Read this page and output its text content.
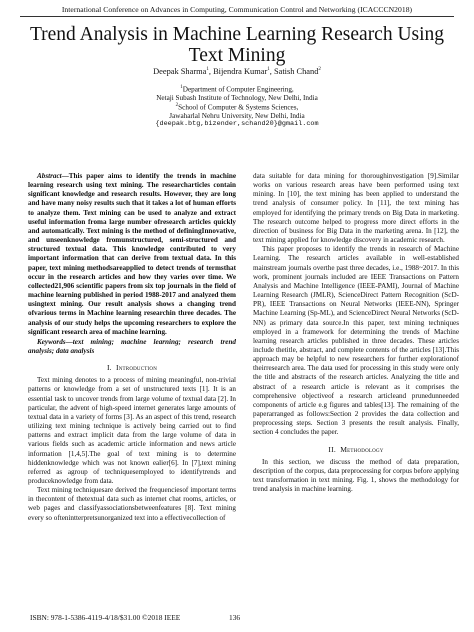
International Conference on Advances in Computing, Communication Control and Networking (ICACCCN2018)
Trend Analysis in Machine Learning Research Using
Text Mining
Deepak Sharma$^1$, Bijendra Kumar$^1$, Satish Chand$^2$
$^1$Department of Computer Engineering,
Netaji Subash Institute of Technology, New Delhi, India
$^2$School of Computer & Systems Sciences,
Jawaharlal Nehru University, New Delhi, India
{deepak.btg,bizender,schand20}@gmail.com

Abstract—This paper aims to identify the trends in machine learning research using text mining. The researcharticles contain significant knowledge and research results. However, they are long and have many noisy results such that it takes a lot of human efforts to analyze them. Text mining can be used to analyze and extract useful information froma large number ofresearch articles quickly and automatically. Text mining is the method of definingInnovative, and unseenknowledge fromunstructured, semi-structured and structured textual data. This knowledge contributed to very important information that can derive from textual data. In this paper, text mining methodsareapplied to detect trends of termsthat occur in the research articles and how they varies over time. We collected21,906 scientific papers from six top journals in the field of machine learning published in period 1988-2017 and analyzed them usingtext mining. Our result analysis shows a changing trend ofvarious terms in Machine learning researchin three decades. The analysis of our study helps the upcoming researchers to explore the significant research area of machine learning.

Keywords—text mining; machine learning; research trend analysis; data analysis

I. Introduction

Text mining denotes to a process of mining meaningful, non-trivial patterns or knowledge from a set of unstructured texts [1]. It is an essential task to uncover trends from large volume of textual data [2]. In particular, the advent of high-speed internet generates large amounts of textual data in a variety of forms [3]. As an aspect of this trend, research utilizing text mining technique is actively being carried out to find patterns and extract implicit data from the large volume of data in various fields such as academic article information and news article information [1,4,5].The goal of text mining is to determine hiddenknowledge which was not known ealier[6]. In [7],text mining referred as agroup of techniquesemployed to identifytrends and produceknowledge from data.

Text mining techniquesare derived the frequenciesof important terms in thecontent of thetextual data such as internet chat rooms, articles, or web pages and classifyassociationsbetweenfeatures [8]. Text mining every so oftenintterpretsunorganized text into a effectivecollection of

data suitable for data mining for thoroughinvestigation [9].Similar works on various research areas have been performed using text mining. In [10], the text mining has been applied to understand the trend analysis of consumer policy. In [11], the text mining has employed for identifying the primary trends on Big Data in marketing. The research outcome helped to progress more direct efforts in the direction of business for Big Data in the marketing arena. In [12], the text mining applied for knowledge discovery in academic research.

This paper proposes to identify the trends in research of Machine Learning. The research articles available in well-established mainstream journals overthe past three decades, i.e., 1988~2017. In this work, prominent journals included are IEEE Transactions on Pattern Analysis and Machine Intelligence (IEEE-PAMI), Journal of Machine Learning Research (JMLR), ScienceDirect Pattern Recognition (ScD-PR), IEEE Transactions on Neural Networks (IEEE-NN), Springer Machine Learning (Sp-ML), and ScienceDirect Neural Networks (ScD-NN) as primary data source.In this paper, text mining techniques employed in a framework for determining the trends of Machine learning research articles published in three decades. These articles include thetitle, abstract, and complete contents of the articles [13].This approach may be helpful to new researchers for further explorationof theirresearch area. The data used for processing in this study were only the title and abstracts of the research articles. Analyzing the title and abstract of a research article is relevant as it comprises the comprehensive objectiveof a research articleand prunedunneeded components of article e.g figures and tables[13]. The remaining of the paperarranged as follows:Section 2 provides the data collection and preprocessing steps. Section 3 presents the result analysis. Finally, section 4 concludes the paper.

II. Methodology

In this section, we discuss the method of data preparation, description of the corpus, data preprocessing for corpus before applying text transformation in text mining. Fig. 1, shows the methodology for trend analysis in machine learning.

ISBN: 978-1-5386-4119-4/18/$31.00 ©2018 IEEE	136
